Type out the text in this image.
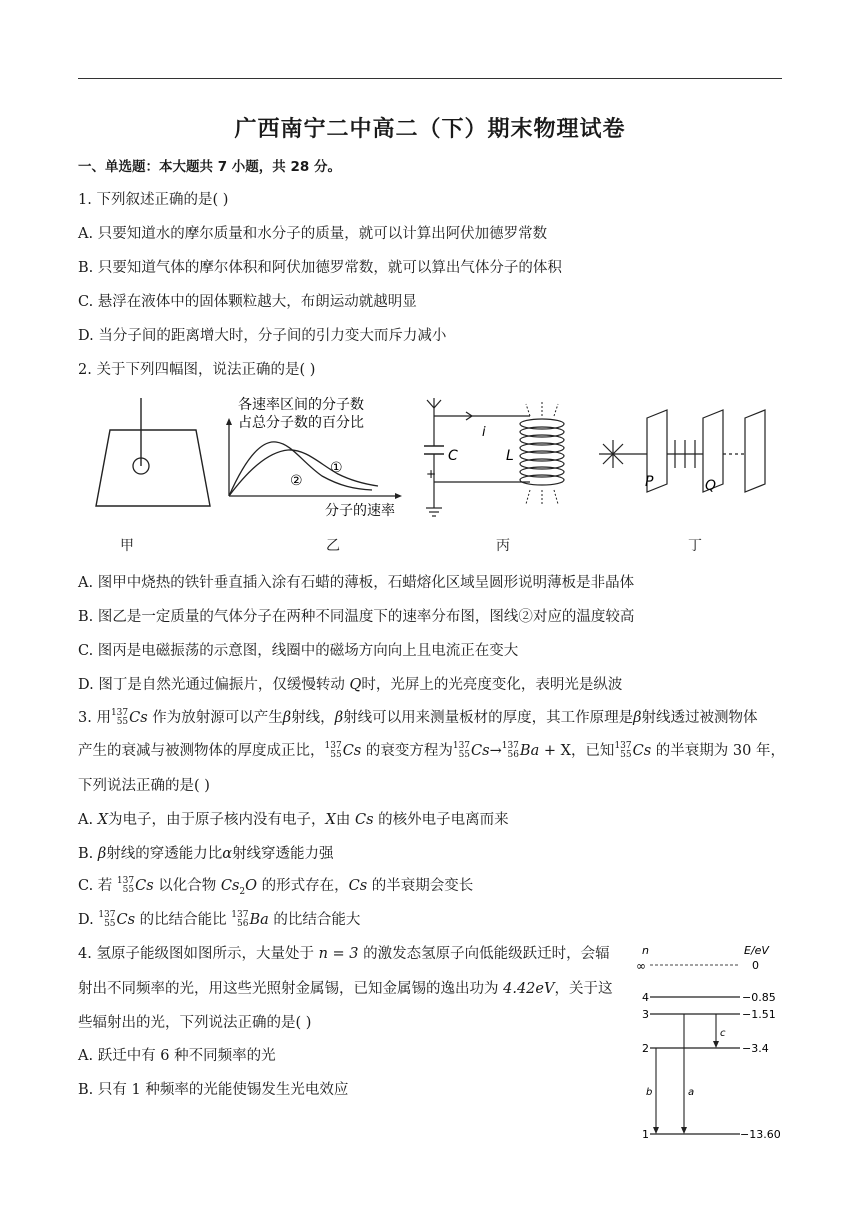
广西南宁二中高二（下）期末物理试卷
一、单选题：本大题共 7 小题，共 28 分。
1. 下列叙述正确的是( )
A. 只要知道水的摩尔质量和水分子的质量，就可以计算出阿伏加德罗常数
B. 只要知道气体的摩尔体积和阿伏加德罗常数，就可以算出气体分子的体积
C. 悬浮在液体中的固体颗粒越大，布朗运动就越明显
D. 当分子间的距离增大时，分子间的引力变大而斥力减小
2. 关于下列四幅图，说法正确的是( )
各速率区间的分子数
占总分子数的百分比
①
②
分子的速率
C
+
L
i
P	Q
甲	乙	丙	丁
A. 图甲中烧热的铁针垂直插入涂有石蜡的薄板，石蜡熔化区域呈圆形说明薄板是非晶体
B. 图乙是一定质量的气体分子在两种不同温度下的速率分布图，图线②对应的温度较高
C. 图丙是电磁振荡的示意图，线圈中的磁场方向向上且电流正在变大
D. 图丁是自然光通过偏振片，仅缓慢转动 Q时，光屏上的光亮度变化，表明光是纵波
3. 用 137
55 Cs 作为放射源可以产生β射线，β射线可以用来测量板材的厚度，其工作原理是β射线透过被测物体
产生的衰减与被测物体的厚度成正比， 137
55 Cs 的衰变方程为 137
55 Cs→ 137
56 Ba + X，已知 137
55 Cs 的半衰期为 30 年，
下列说法正确的是( )
A. X为电子，由于原子核内没有电子，X由 Cs 的核外电子电离而来
B. β射线的穿透能力比α射线穿透能力强
C. 若 137
55 Cs 以化合物 $Cs_2O$ 的形式存在，Cs 的半衰期会变长
D. 137
55 Cs 的比结合能比 137
56 Ba 的比结合能大
4. 氢原子能级图如图所示，大量处于 n = 3 的激发态氢原子向低能级跃迁时，会辐
射出不同频率的光，用这些光照射金属锡，已知金属锡的逸出功为 4.42eV，关于这
些辐射出的光，下列说法正确的是( )
A. 跃迁中有 6 种不同频率的光
B. 只有 1 种频率的光能使锡发生光电效应
n	E/eV
∞	0
4	−0.85
3	−1.51
2	−3.4
1	−13.60
c
a
b
